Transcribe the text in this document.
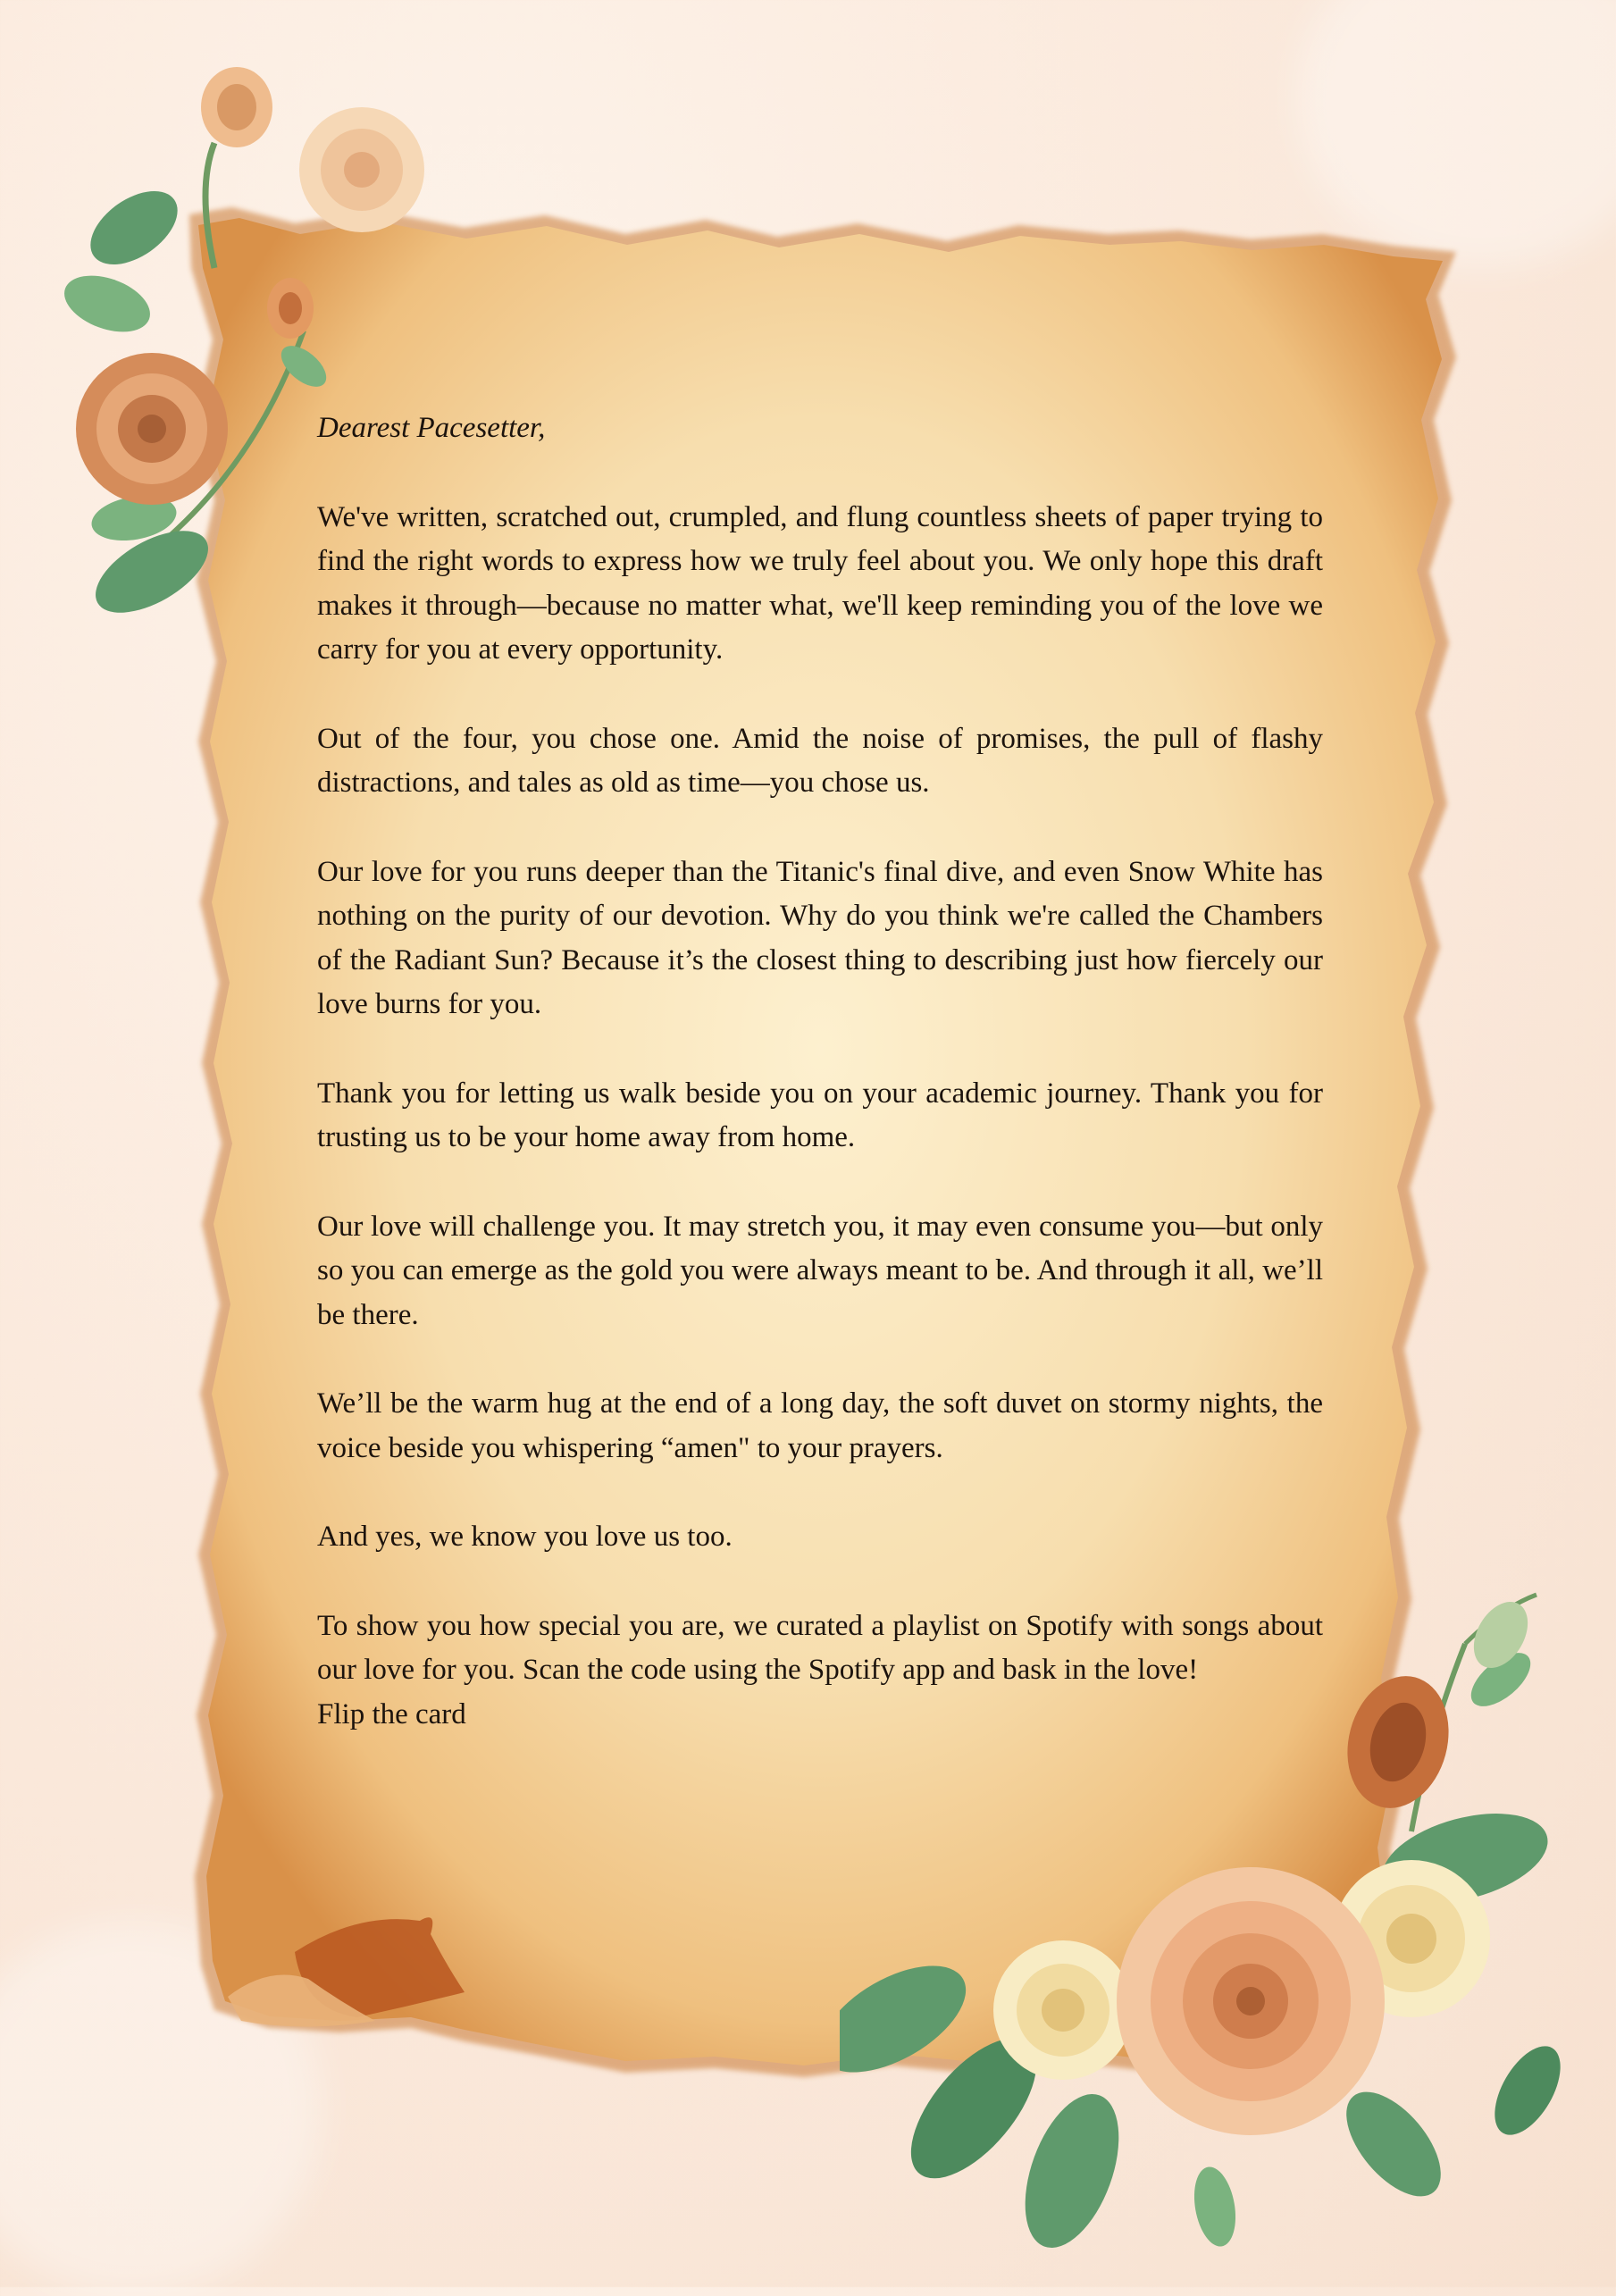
Dearest Pacesetter,

We've written, scratched out, crumpled, and flung countless sheets of paper trying to find the right words to express how we truly feel about you. We only hope this draft makes it through—because no matter what, we'll keep reminding you of the love we carry for you at every opportunity.

Out of the four, you chose one. Amid the noise of promises, the pull of flashy distractions, and tales as old as time—you chose us.

Our love for you runs deeper than the Titanic's final dive, and even Snow White has nothing on the purity of our devotion. Why do you think we're called the Chambers of the Radiant Sun? Because it’s the closest thing to describing just how fiercely our love burns for you.

Thank you for letting us walk beside you on your academic journey. Thank you for trusting us to be your home away from home.

Our love will challenge you. It may stretch you, it may even consume you—but only so you can emerge as the gold you were always meant to be. And through it all, we’ll be there.

We’ll be the warm hug at the end of a long day, the soft duvet on stormy nights, the voice beside you whispering “amen" to your prayers.

And yes, we know you love us too.

To show you how special you are, we curated a playlist on Spotify with songs about our love for you. Scan the code using the Spotify app and bask in the love!
Flip the card
